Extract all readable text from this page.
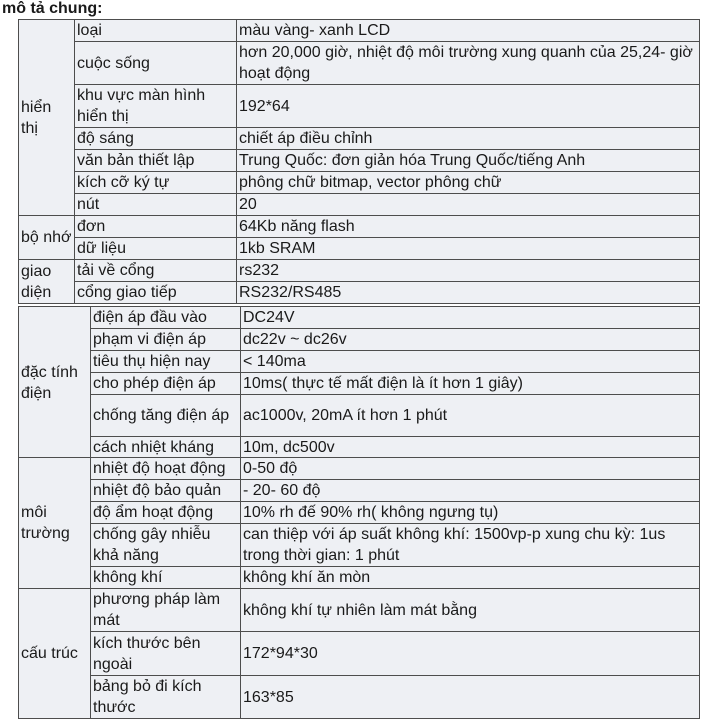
mô tả chung:
hiển thị	loại	màu vàng- xanh LCD
	cuộc sống	hơn 20,000 giờ, nhiệt độ môi trường xung quanh của 25,24- giờ hoạt động
	khu vực màn hình hiển thị	192*64
	độ sáng	chiết áp điều chỉnh
	văn bản thiết lập	Trung Quốc: đơn giản hóa Trung Quốc/tiếng Anh
	kích cỡ ký tự	phông chữ bitmap, vector phông chữ
	nút	20
bộ nhớ	đơn	64Kb năng flash
	dữ liệu	1kb SRAM
giao diện	tải về cổng	rs232
	cổng giao tiếp	RS232/RS485
đặc tính điện	điện áp đầu vào	DC24V
	phạm vi điện áp	dc22v ~ dc26v
	tiêu thụ hiện nay	< 140ma
	cho phép điện áp	10ms( thực tế mất điện là ít hơn 1 giây)
	chống tăng điện áp	ac1000v, 20mA ít hơn 1 phút
	cách nhiệt kháng	10m, dc500v
môi trường	nhiệt độ hoạt động	0-50 độ
	nhiệt độ bảo quản	- 20- 60 độ
	độ ẩm hoạt động	10% rh đế 90% rh( không ngưng tụ)
	chống gây nhiễu khả năng	can thiệp với áp suất không khí: 1500vp-p xung chu kỳ: 1us trong thời gian: 1 phút
	không khí	không khí ăn mòn
cấu trúc	phương pháp làm mát	không khí tự nhiên làm mát bằng
	kích thước bên ngoài	172*94*30
	bảng bỏ đi kích thước	163*85
